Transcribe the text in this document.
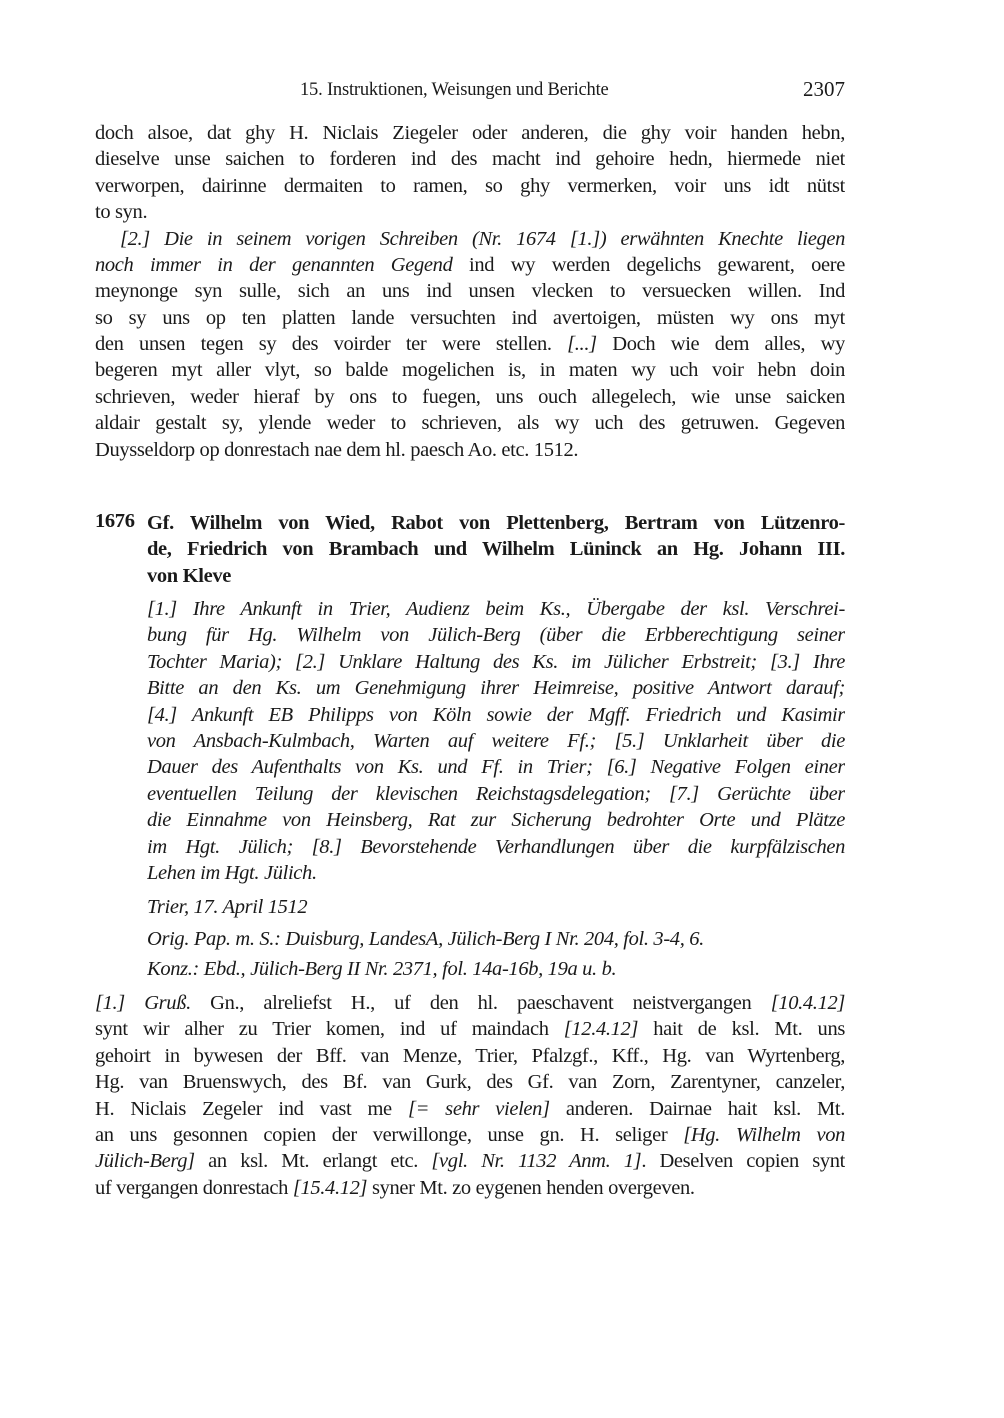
15. Instruktionen, Weisungen und Berichte	2307
doch alsoe, dat ghy H. Niclais Ziegeler oder anderen, die ghy voir handen hebn,
dieselve unse saichen to forderen ind des macht ind gehoire hedn, hiermede niet
verworpen, dairinne dermaiten to ramen, so ghy vermerken, voir uns idt nütst
to syn.
[2.] Die in seinem vorigen Schreiben (Nr. 1674 [1.]) erwähnten Knechte liegen
noch immer in der genannten Gegend ind wy werden degelichs gewarent, oere
meynonge syn sulle, sich an uns ind unsen vlecken to versuecken willen. Ind
so sy uns op ten platten lande versuchten ind avertoigen, müsten wy ons myt
den unsen tegen sy des voirder ter were stellen. [...] Doch wie dem alles, wy
begeren myt aller vlyt, so balde mogelichen is, in maten wy uch voir hebn doin
schrieven, weder hieraf by ons to fuegen, uns ouch allegelech, wie unse saicken
aldair gestalt sy, ylende weder to schrieven, als wy uch des getruwen. Gegeven
Duysseldorp op donrestach nae dem hl. paesch Ao. etc. 1512.
1676 Gf. Wilhelm von Wied, Rabot von Plettenberg, Bertram von Lützenro-
de, Friedrich von Brambach und Wilhelm Lüninck an Hg. Johann III.
von Kleve
[1.] Ihre Ankunft in Trier, Audienz beim Ks., Übergabe der ksl. Verschrei-
bung für Hg. Wilhelm von Jülich-Berg (über die Erbberechtigung seiner
Tochter Maria); [2.] Unklare Haltung des Ks. im Jülicher Erbstreit; [3.] Ihre
Bitte an den Ks. um Genehmigung ihrer Heimreise, positive Antwort darauf;
[4.] Ankunft EB Philipps von Köln sowie der Mgff. Friedrich und Kasimir
von Ansbach-Kulmbach, Warten auf weitere Ff.; [5.] Unklarheit über die
Dauer des Aufenthalts von Ks. und Ff. in Trier; [6.] Negative Folgen einer
eventuellen Teilung der klevischen Reichstagsdelegation; [7.] Gerüchte über
die Einnahme von Heinsberg, Rat zur Sicherung bedrohter Orte und Plätze
im Hgt. Jülich; [8.] Bevorstehende Verhandlungen über die kurpfälzischen
Lehen im Hgt. Jülich.
Trier, 17. April 1512
Orig. Pap. m. S.: Duisburg, LandesA, Jülich-Berg I Nr. 204, fol. 3-4, 6.
Konz.: Ebd., Jülich-Berg II Nr. 2371, fol. 14a-16b, 19a u. b.
[1.] Gruß. Gn., alreliefst H., uf den hl. paeschavent neistvergangen [10.4.12]
synt wir alher zu Trier komen, ind uf maindach [12.4.12] hait de ksl. Mt. uns
gehoirt in bywesen der Bff. van Menze, Trier, Pfalzgf., Kff., Hg. van Wyrtenberg,
Hg. van Bruenswych, des Bf. van Gurk, des Gf. van Zorn, Zarentyner, canzeler,
H. Niclais Zegeler ind vast me [= sehr vielen] anderen. Dairnae hait ksl. Mt.
an uns gesonnen copien der verwillonge, unse gn. H. seliger [Hg. Wilhelm von
Jülich-Berg] an ksl. Mt. erlangt etc. [vgl. Nr. 1132 Anm. 1]. Deselven copien synt
uf vergangen donrestach [15.4.12] syner Mt. zo eygenen henden overgeven.
